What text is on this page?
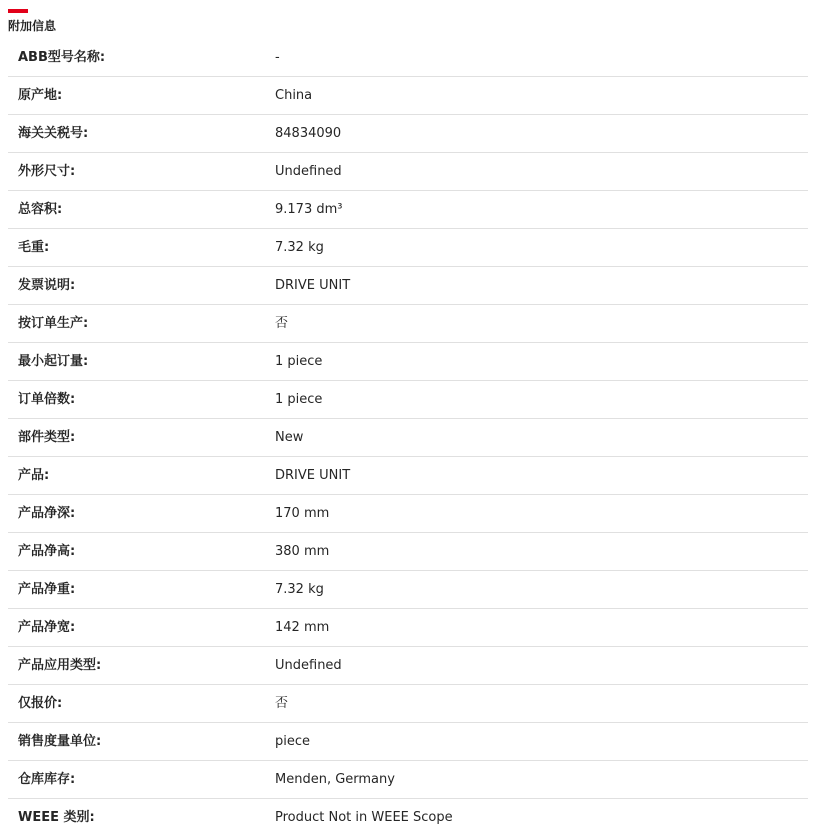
附加信息
ABB型号名称:	-
原产地:	China
海关关税号:	84834090
外形尺寸:	Undefined
总容积:	9.173 dm³
毛重:	7.32 kg
发票说明:	DRIVE UNIT
按订单生产:	否
最小起订量:	1 piece
订单倍数:	1 piece
部件类型:	New
产品:	DRIVE UNIT
产品净深:	170 mm
产品净高:	380 mm
产品净重:	7.32 kg
产品净宽:	142 mm
产品应用类型:	Undefined
仅报价:	否
销售度量单位:	piece
仓库库存:	Menden, Germany
WEEE 类别:	Product Not in WEEE Scope
